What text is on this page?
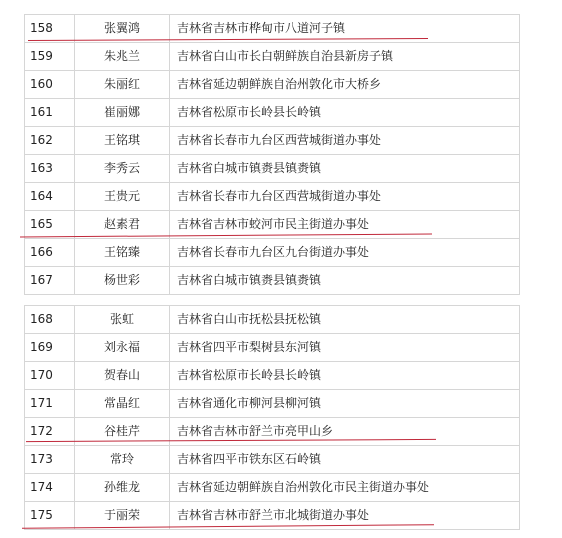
158	张翼鸿	吉林省吉林市桦甸市八道河子镇
159	朱兆兰	吉林省白山市长白朝鲜族自治县新房子镇
160	朱丽红	吉林省延边朝鲜族自治州敦化市大桥乡
161	崔丽娜	吉林省松原市长岭县长岭镇
162	王铭琪	吉林省长春市九台区西营城街道办事处
163	李秀云	吉林省白城市镇赉县镇赉镇
164	王贵元	吉林省长春市九台区西营城街道办事处
165	赵素君	吉林省吉林市蛟河市民主街道办事处
166	王铭臻	吉林省长春市九台区九台街道办事处
167	杨世彩	吉林省白城市镇赉县镇赉镇
168	张虹	吉林省白山市抚松县抚松镇
169	刘永福	吉林省四平市梨树县东河镇
170	贺春山	吉林省松原市长岭县长岭镇
171	常晶红	吉林省通化市柳河县柳河镇
172	谷桂芹	吉林省吉林市舒兰市亮甲山乡
173	常玲	吉林省四平市铁东区石岭镇
174	孙维龙	吉林省延边朝鲜族自治州敦化市民主街道办事处
175	于丽荣	吉林省吉林市舒兰市北城街道办事处
